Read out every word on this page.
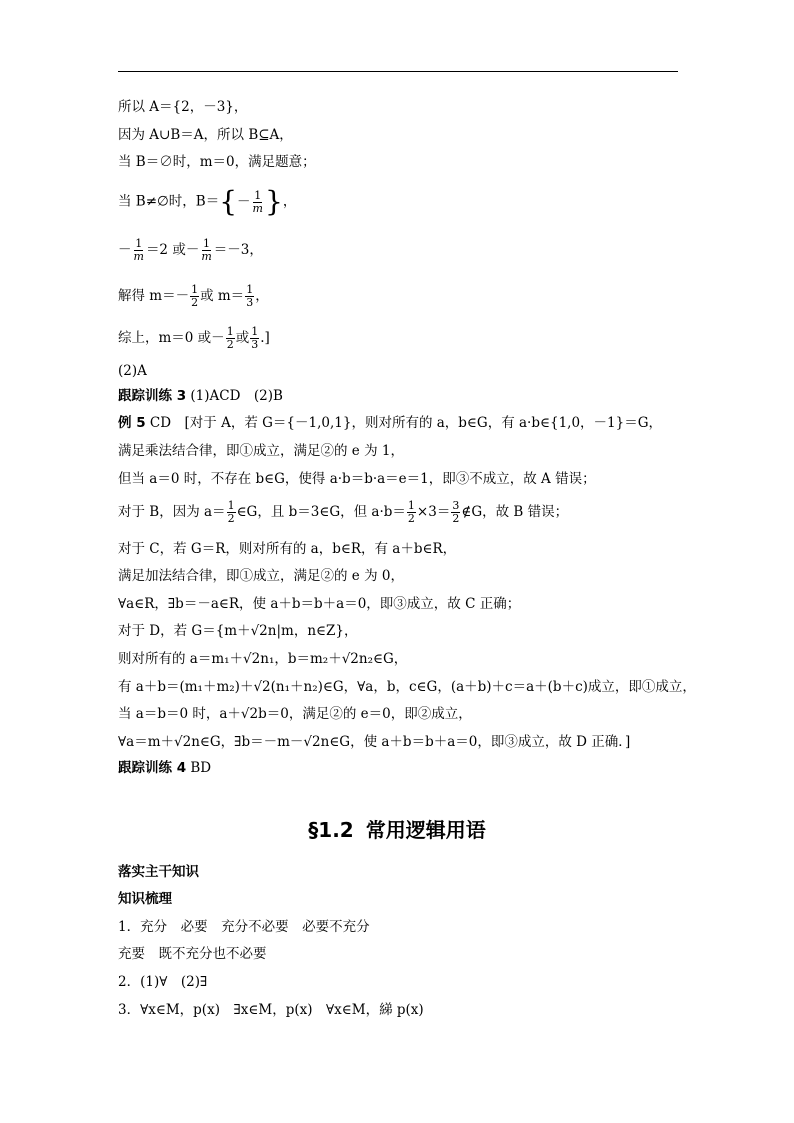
所以 A＝{2，－3}，
因为 A∪B＝A，所以 B⊆A，
当 B＝∅时，m＝0，满足题意；
当 B≠∅时，B＝ { － $\frac{1}{m}$ } ，
－ $\frac{1}{m} =2$ 或－ $\frac{1}{m} =-3$，
解得 $m=- \frac{1}{2}$ 或 $m= \frac{1}{3}$ ，
综上，m＝0 或－ $\frac{1}{2}$ 或 $\frac{1}{3}$ .]
(2)A
跟踪训练 3 (1)ACD　(2)B
例 5 CD　[对于 A，若 G＝{－1,0,1}，则对所有的 a，b∈G，有 a·b∈{1,0，－1}＝G，
满足乘法结合律，即①成立，满足②的 e 为 1，
但当 a＝0 时，不存在 b∈G，使得 a·b＝b·a＝e＝1，即③不成立，故 A 错误；
对于 B，因为 $a= \frac{1}{2}$ ∈G，且 b＝3∈G，但 $a\cdot b= \frac{1}{2} \times 3= \frac{3}{2}$ ∉G，故 B 错误；
对于 C，若 G＝R，则对所有的 a，b∈R，有 a＋b∈R，
满足加法结合律，即①成立，满足②的 e 为 0，
∀a∈R，∃b＝－a∈R，使 a＋b＝b＋a＝0，即③成立，故 C 正确；
对于 D，若 G＝{m＋√2n|m，n∈Z}，
则对所有的 a＝m₁＋√2n₁，b＝m₂＋√2n₂∈G，
有 a＋b＝(m₁＋m₂)＋√2(n₁＋n₂)∈G，∀a，b，c∈G，(a＋b)＋c＝a＋(b＋c)成立，即①成立，
当 a＝b＝0 时，a＋√2b＝0，满足②的 e＝0，即②成立，
∀a＝m＋√2n∈G，∃b＝－m－√2n∈G，使 a＋b＝b＋a＝0，即③成立，故 D 正确．]
跟踪训练 4 BD
§1.2 常用逻辑用语
落实主干知识
知识梳理
1．充分　必要　充分不必要　必要不充分
充要　既不充分也不必要
2．(1)∀　(2)∃
3．∀x∈M，p(x)　∃x∈M，p(x)　∀x∈M，綈 p(x)
